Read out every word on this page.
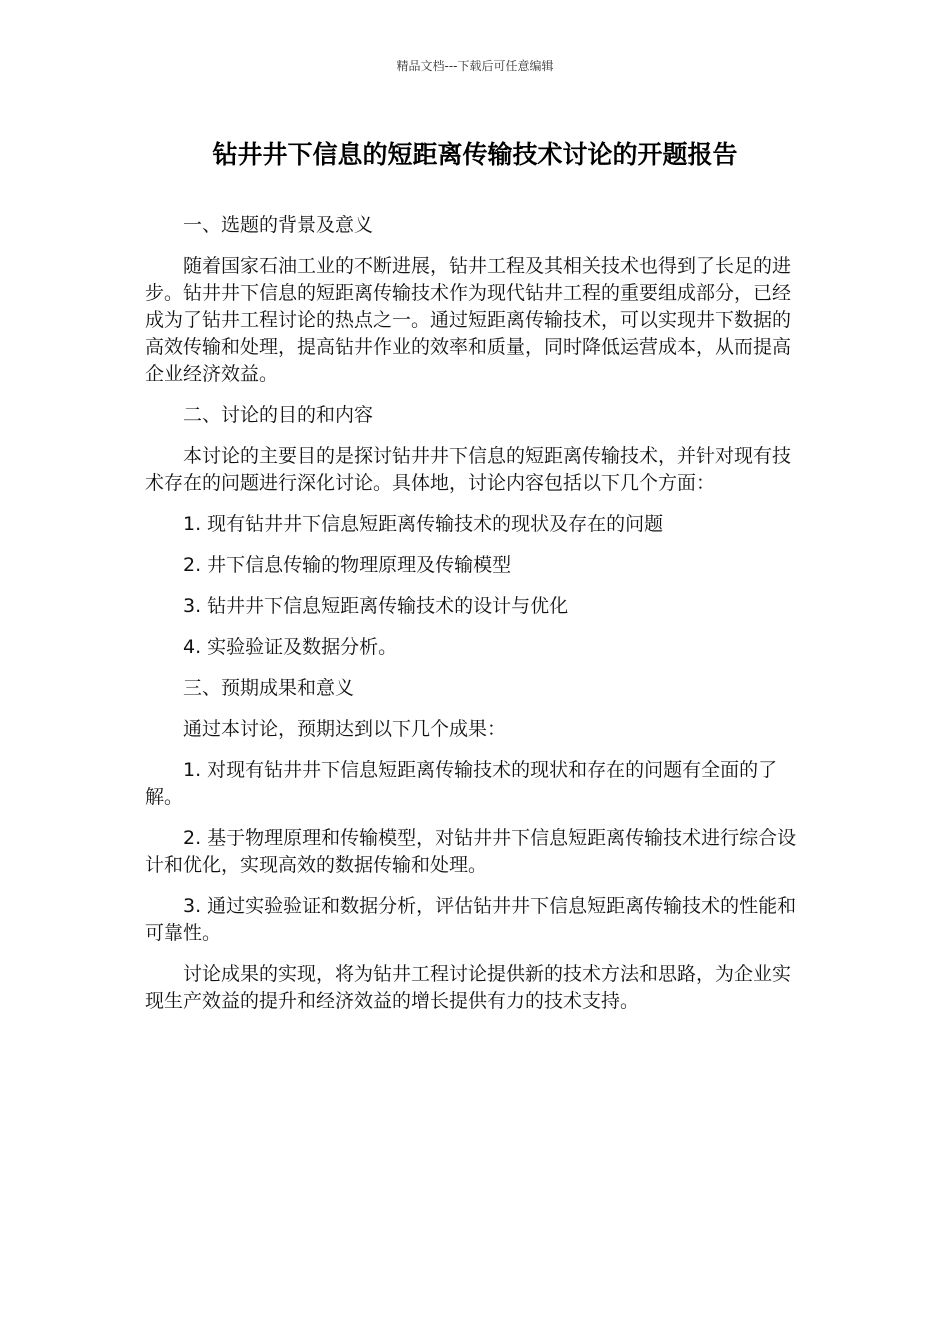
精品文档---下载后可任意编辑
钻井井下信息的短距离传输技术讨论的开题报告

一、选题的背景及意义

随着国家石油工业的不断进展，钻井工程及其相关技术也得到了长足的进步。钻井井下信息的短距离传输技术作为现代钻井工程的重要组成部分，已经成为了钻井工程讨论的热点之一。通过短距离传输技术，可以实现井下数据的高效传输和处理，提高钻井作业的效率和质量，同时降低运营成本，从而提高企业经济效益。

二、讨论的目的和内容

本讨论的主要目的是探讨钻井井下信息的短距离传输技术，并针对现有技术存在的问题进行深化讨论。具体地，讨论内容包括以下几个方面：

1. 现有钻井井下信息短距离传输技术的现状及存在的问题

2. 井下信息传输的物理原理及传输模型

3. 钻井井下信息短距离传输技术的设计与优化

4. 实验验证及数据分析。

三、预期成果和意义

通过本讨论，预期达到以下几个成果：

1. 对现有钻井井下信息短距离传输技术的现状和存在的问题有全面的了解。

2. 基于物理原理和传输模型，对钻井井下信息短距离传输技术进行综合设计和优化，实现高效的数据传输和处理。

3. 通过实验验证和数据分析，评估钻井井下信息短距离传输技术的性能和可靠性。

讨论成果的实现，将为钻井工程讨论提供新的技术方法和思路，为企业实现生产效益的提升和经济效益的增长提供有力的技术支持。
